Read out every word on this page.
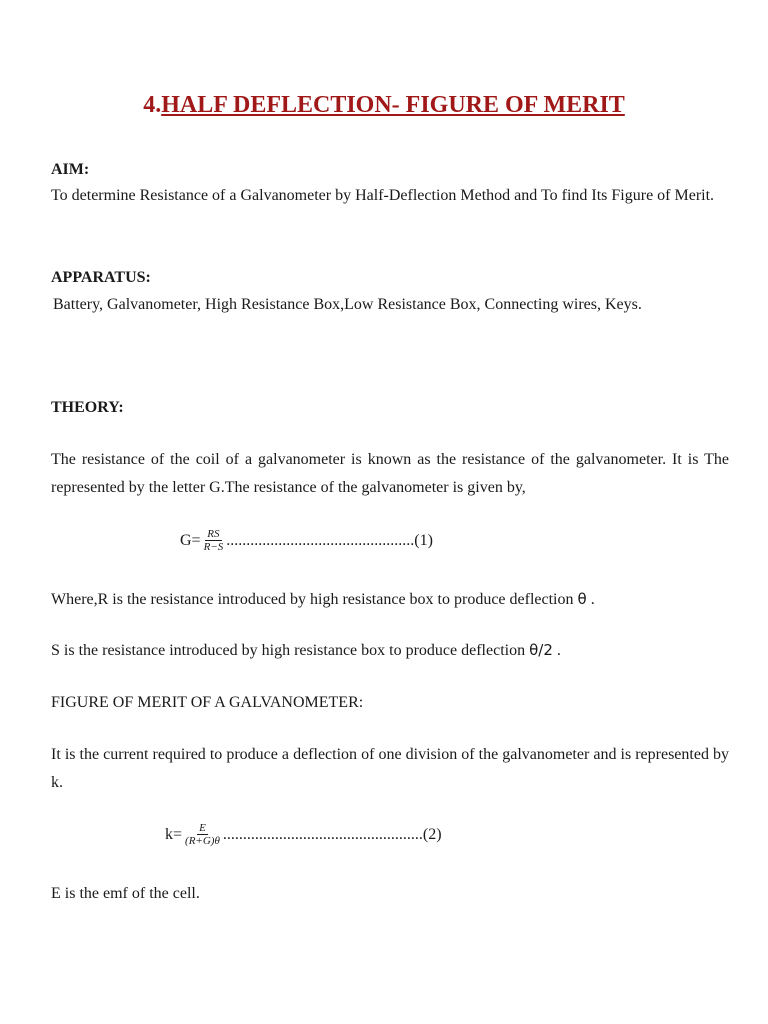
4.HALF DEFLECTION- FIGURE OF MERIT
AIM:
To determine Resistance of a Galvanometer by Half-Deflection Method and To find Its Figure of Merit.
APPARATUS:
Battery, Galvanometer, High Resistance Box,Low Resistance Box, Connecting wires, Keys.
THEORY:
The resistance of the coil of a galvanometer is known as the resistance of the galvanometer. It is The represented by the letter G.The resistance of the galvanometer is given by,
$G= \frac{RS}{R-S}$ ............................................... (1)
Where,R is the resistance introduced by high resistance box to produce deflection θ .
S is the resistance introduced by high resistance box to produce deflection θ/2 .
FIGURE OF MERIT OF A GALVANOMETER:
It is the current required to produce a deflection of one division of the galvanometer and is represented by k.
$k= \frac{E}{(R+G)\theta}$ .................................................. (2)
E is the emf of the cell.
